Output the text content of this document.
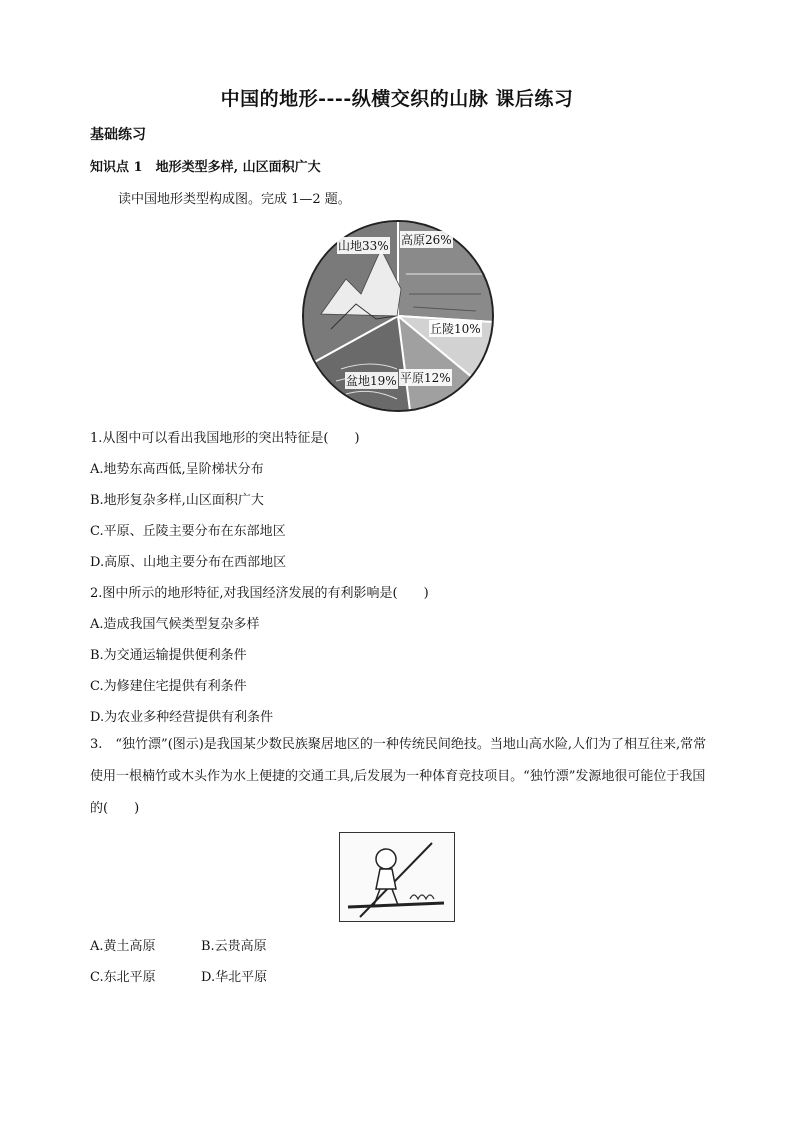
中国的地形----纵横交织的山脉 课后练习
基础练习
知识点 1　地形类型多样, 山区面积广大
读中国地形类型构成图。完成 1—2 题。
山地33% 高原26%
丘陵10%
平原12%
盆地19%
1.从图中可以看出我国地形的突出特征是(　　)
A.地势东高西低,呈阶梯状分布
B.地形复杂多样,山区面积广大
C.平原、丘陵主要分布在东部地区
D.高原、山地主要分布在西部地区
2.图中所示的地形特征,对我国经济发展的有利影响是(　　)
A.造成我国气候类型复杂多样
B.为交通运输提供便利条件
C.为修建住宅提供有利条件
D.为农业多种经营提供有利条件
3.　“独竹漂”(图示)是我国某少数民族聚居地区的一种传统民间绝技。当地山高水险,人们为了相互往来,常常使用一根楠竹或木头作为水上便捷的交通工具,后发展为一种体育竞技项目。“独竹漂”发源地很可能位于我国的(　　)
A.黄土高原	B.云贵高原
C.东北平原	D.华北平原
